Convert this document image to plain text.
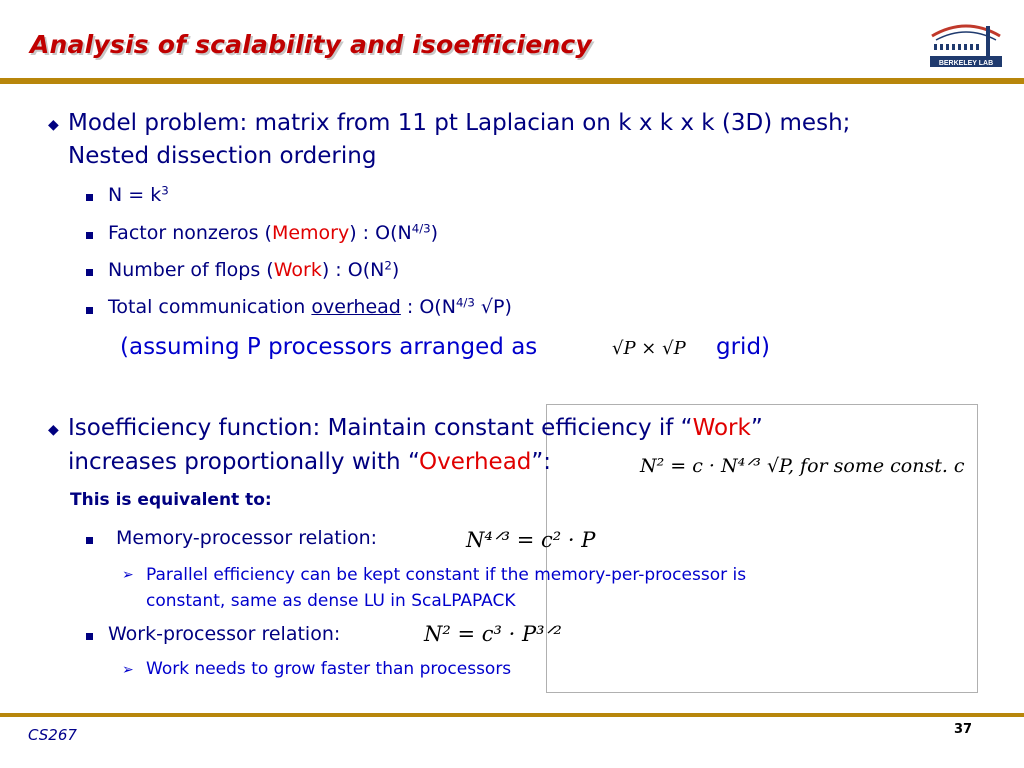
Analysis of scalability and isoefficiency
BERKELEY LAB
◆ Model problem: matrix from 11 pt Laplacian on k x k x k (3D) mesh;
Nested dissection ordering
$N = k^3$
Factor nonzeros (Memory) : $O(N^{4/3})$
Number of flops (Work) : $O(N^2)$
Total communication overhead : $O(N^{4/3}$ √P)
(assuming P processors arranged as	√P × √P grid)
◆ Isoefficiency function: Maintain constant efficiency if “Work”
increases proportionally with “Overhead”:	N² = c · N⁴ᐟ³ √P, for some const. c
This is equivalent to:
Memory-processor relation:	N⁴ᐟ³ = c² · P
➢ Parallel efficiency can be kept constant if the memory-per-processor is
constant, same as dense LU in ScaLPAPACK
Work-processor relation:	N² = c³ · P³ᐟ²
➢ Work needs to grow faster than processors
CS267	37
